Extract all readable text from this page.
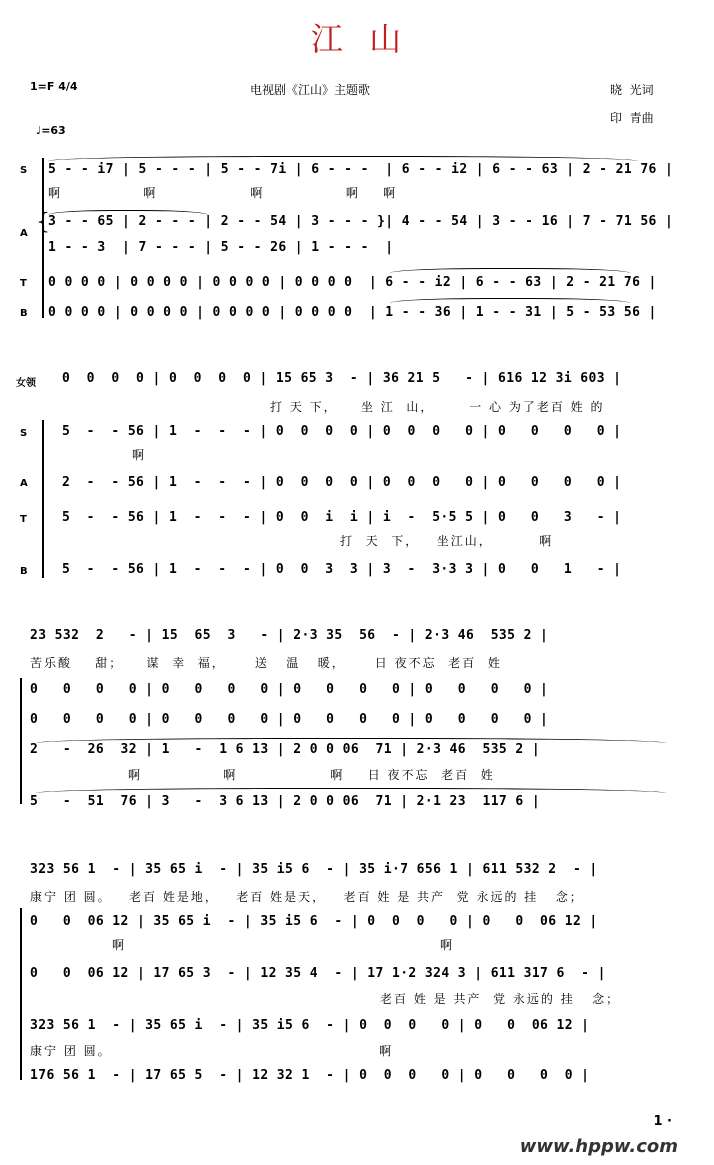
江  山
1=F 4/4
♩=63
电视剧《江山》主题歌	晓  光词
印  青曲
S 5 - - i7 | 5 - - - | 5 - - 7i | 6 - - -  | 6 - - i2 | 6 - - 63 | 2 - 21 76 |
啊              啊                啊              啊    啊
A {
3 - - 65 | 2 - - - | 2 - - 54 | 3 - - - }| 4 - - 54 | 3 - - 16 | 7 - 71 56 |
1 - - 3  | 7 - - - | 5 - - 26 | 1 - - -  |
T 0 0 0 0 | 0 0 0 0 | 0 0 0 0 | 0 0 0 0  | 6 - - i2 | 6 - - 63 | 2 - 21 76 |
B 0 0 0 0 | 0 0 0 0 | 0 0 0 0 | 0 0 0 0  | 1 - - 36 | 1 - - 31 | 5 - 53 56 |
女领 0  0  0  0 | 0  0  0  0 | 15 65 3  - | 36 21 5   - | 616 12 3i 603 |
打 天 下，    坐 江  山，      一 心 为了老百 姓 的
S	5  -  - 56 | 1  -  -  - | 0  0  0  0 | 0  0  0   0 | 0   0   0   0 |
啊
A	2  -  - 56 | 1  -  -  - | 0  0  0  0 | 0  0  0   0 | 0   0   0   0 |
T	5  -  - 56 | 1  -  -  - | 0  0  i  i | i  -  5·5 5 | 0   0   3   - |
打  天  下，   坐江山，        啊
B	5  -  - 56 | 1  -  -  - | 0  0  3  3 | 3  -  3·3 3 | 0   0   1   - |
23 532  2   - | 15  65  3   - | 2·3 35  56  - | 2·3 46  535 2 |
苦乐酸    甜；    谋  幸  福，     送   温   暖，     日 夜不忘  老百  姓
0   0   0   0 | 0   0   0   0 | 0   0   0   0 | 0   0   0   0 |
0   0   0   0 | 0   0   0   0 | 0   0   0   0 | 0   0   0   0 |
2   -  26  32 | 1   -  1 6 13 | 2 0 0 06  71 | 2·3 46  535 2 |
啊              啊                啊    日 夜不忘  老百  姓
5   -  51  76 | 3   -  3 6 13 | 2 0 0 06  71 | 2·1 23  117 6 |
323 56 1  - | 35 65 i  - | 35 i5 6  - | 35 i·7 656 1 | 611 532 2  - |
康宁 团 圆。   老百 姓是地，   老百 姓是天，   老百 姓 是 共产  党 永远的 挂   念；
0   0  06 12 | 35 65 i  - | 35 i5 6  - | 0  0  0   0 | 0   0  06 12 |
啊                                                      啊
0   0  06 12 | 17 65 3  - | 12 35 4  - | 17 1·2 324 3 | 611 317 6  - |
老百 姓 是 共产  党 永远的 挂   念；
323 56 1  - | 35 65 i  - | 35 i5 6  - | 0  0  0   0 | 0   0  06 12 |
康宁 团 圆。                                              啊
176 56 1  - | 17 65 5  - | 12 32 1  - | 0  0  0   0 | 0   0   0  0 |
1 ·
www.hppw.com
